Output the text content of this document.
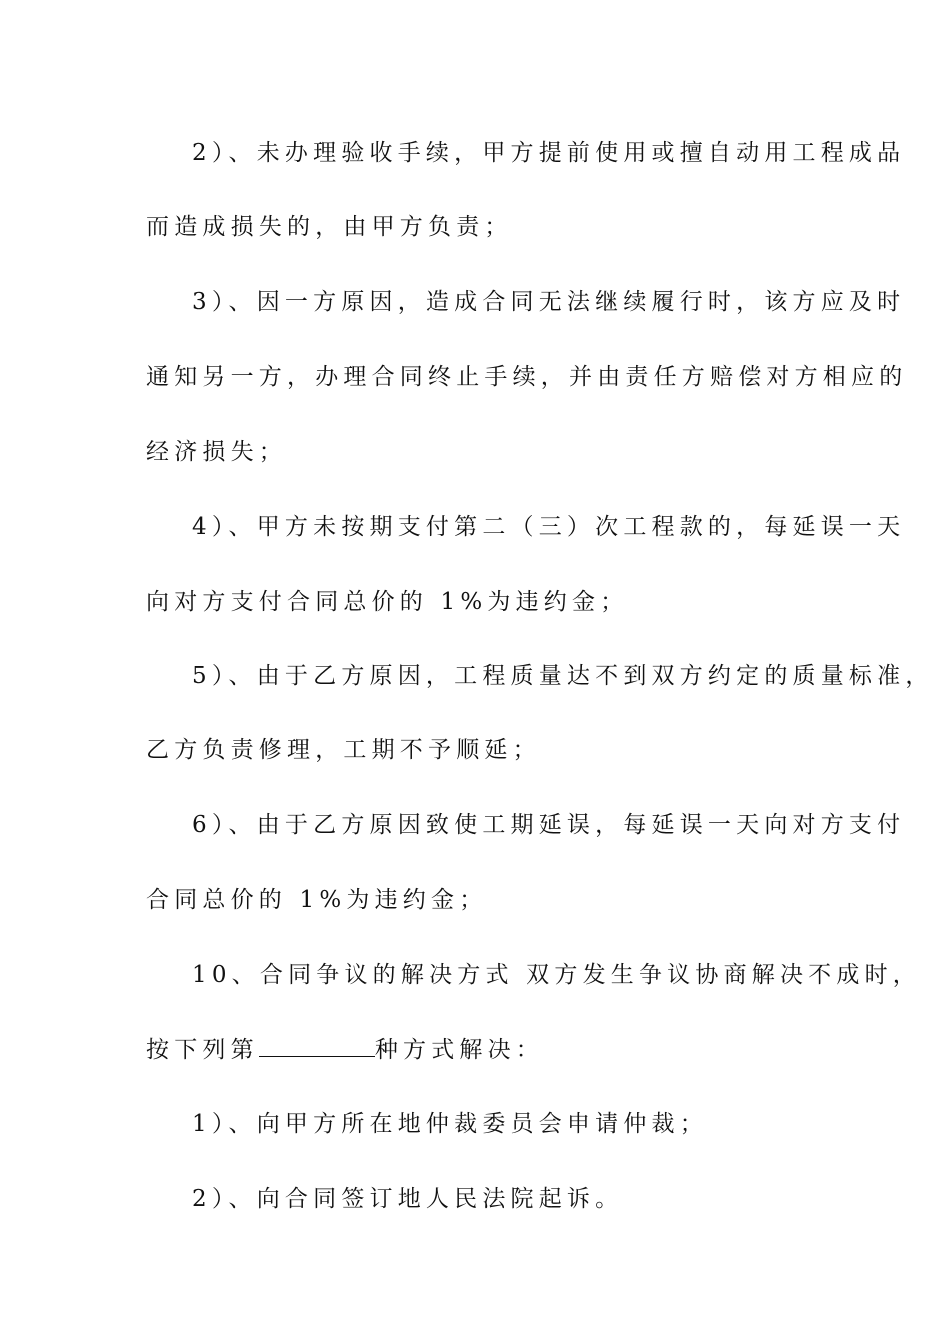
2）、未办理验收手续，甲方提前使用或擅自动用工程成品
而造成损失的，由甲方负责；
3）、因一方原因，造成合同无法继续履行时，该方应及时
通知另一方，办理合同终止手续，并由责任方赔偿对方相应的
经济损失；
4）、甲方未按期支付第二（三）次工程款的，每延误一天
向对方支付合同总价的 1%为违约金；
5）、由于乙方原因，工程质量达不到双方约定的质量标准，
乙方负责修理，工期不予顺延；
6）、由于乙方原因致使工期延误，每延误一天向对方支付
合同总价的 1%为违约金；
10、合同争议的解决方式 双方发生争议协商解决不成时，
按下列第	种方式解决：
1）、向甲方所在地仲裁委员会申请仲裁；
2）、向合同签订地人民法院起诉。
